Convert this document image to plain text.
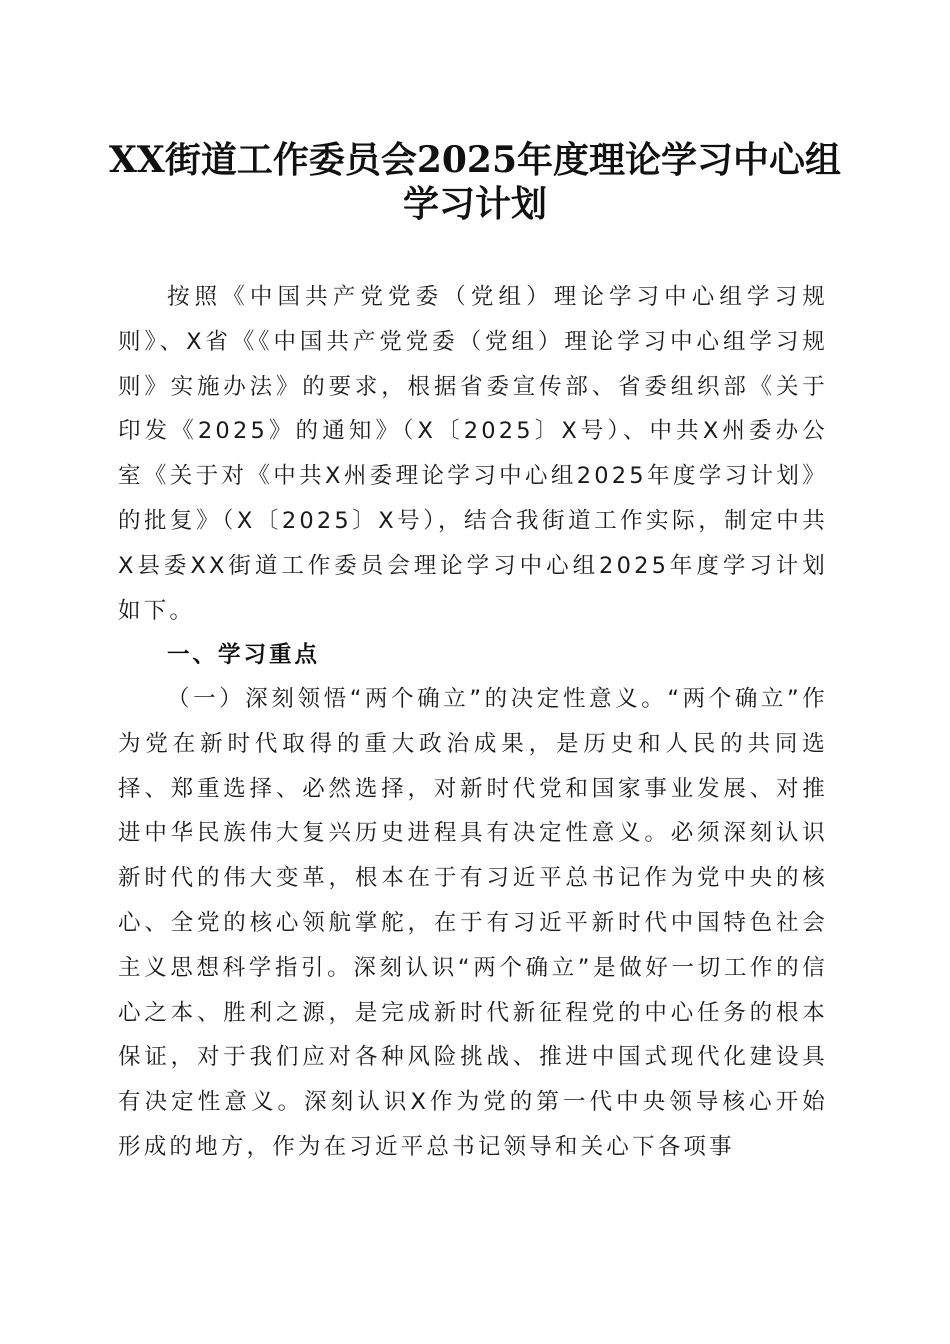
XX街道工作委员会2025年度理论学习中心组
学习计划

按照《中国共产党党委（党组）理论学习中心组学习规则》、X省《《中国共产党党委（党组）理论学习中心组学习规则》实施办法》的要求，根据省委宣传部、省委组织部《关于印发《2025》的通知》（X〔2025〕X号）、中共X州委办公室《关于对《中共X州委理论学习中心组2025年度学习计划》的批复》（X〔2025〕X号），结合我街道工作实际，制定中共X县委XX街道工作委员会理论学习中心组2025年度学习计划如下。

一、学习重点

（一）深刻领悟“两个确立”的决定性意义。“两个确立”作为党在新时代取得的重大政治成果，是历史和人民的共同选择、郑重选择、必然选择，对新时代党和国家事业发展、对推进中华民族伟大复兴历史进程具有决定性意义。必须深刻认识新时代的伟大变革，根本在于有习近平总书记作为党中央的核心、全党的核心领航掌舵，在于有习近平新时代中国特色社会主义思想科学指引。深刻认识“两个确立”是做好一切工作的信心之本、胜利之源，是完成新时代新征程党的中心任务的根本保证，对于我们应对各种风险挑战、推进中国式现代化建设具有决定性意义。深刻认识X作为党的第一代中央领导核心开始形成的地方，作为在习近平总书记领导和关心下各项事
